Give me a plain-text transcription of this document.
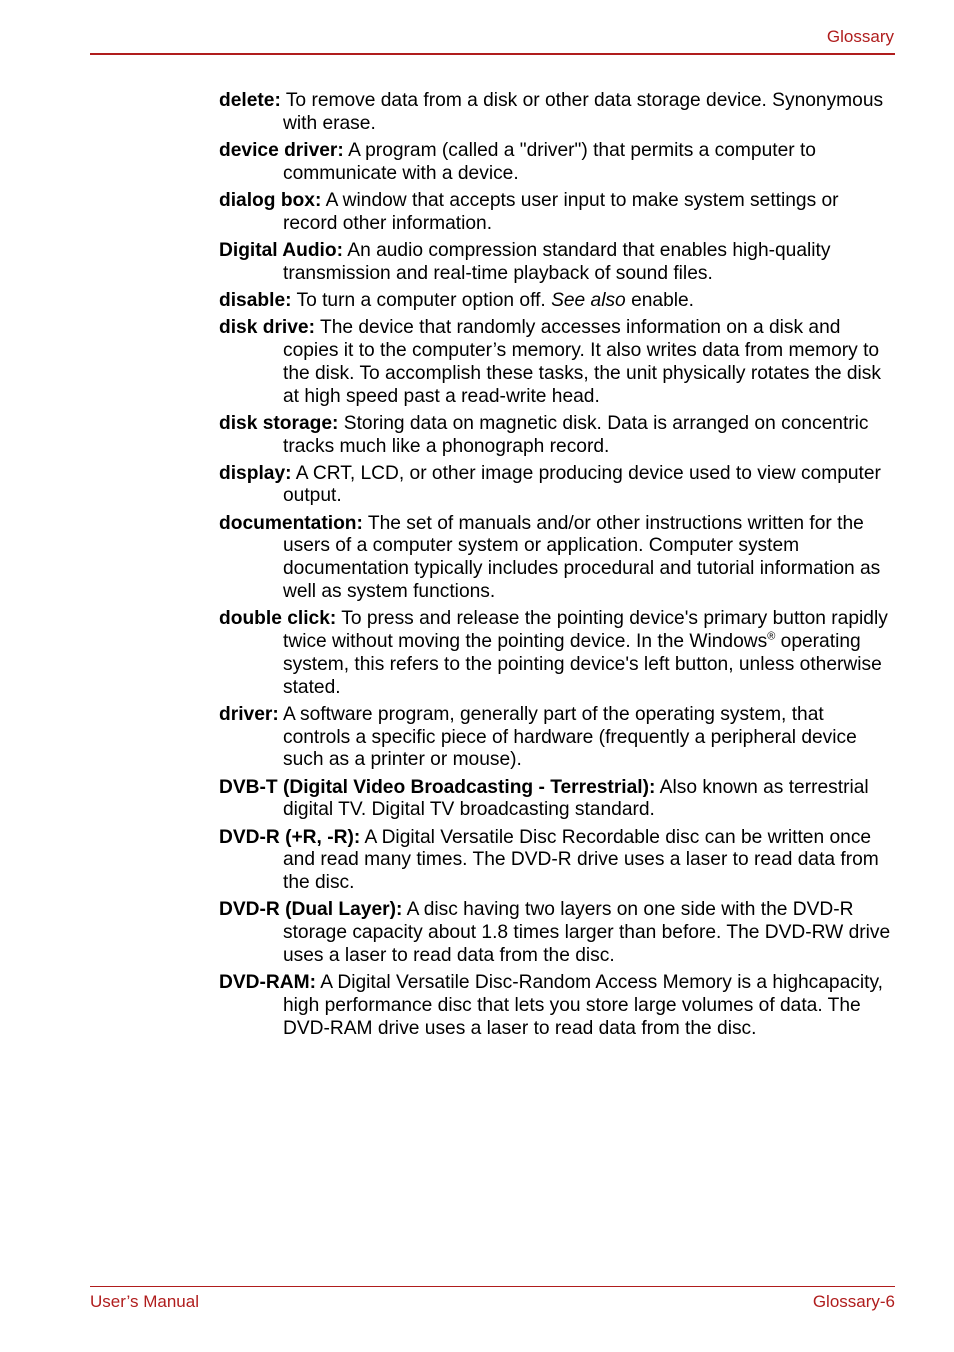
Glossary

delete: To remove data from a disk or other data storage device. Synonymous with erase.

device driver: A program (called a "driver") that permits a computer to communicate with a device.

dialog box: A window that accepts user input to make system settings or record other information.

Digital Audio: An audio compression standard that enables high-quality transmission and real-time playback of sound files.

disable: To turn a computer option off. See also enable.

disk drive: The device that randomly accesses information on a disk and copies it to the computer’s memory. It also writes data from memory to the disk. To accomplish these tasks, the unit physically rotates the disk at high speed past a read-write head.

disk storage: Storing data on magnetic disk. Data is arranged on concentric tracks much like a phonograph record.

display: A CRT, LCD, or other image producing device used to view computer output.

documentation: The set of manuals and/or other instructions written for the users of a computer system or application. Computer system documentation typically includes procedural and tutorial information as well as system functions.

double click: To press and release the pointing device's primary button rapidly twice without moving the pointing device. In the Windows® operating system, this refers to the pointing device's left button, unless otherwise stated.

driver: A software program, generally part of the operating system, that controls a specific piece of hardware (frequently a peripheral device such as a printer or mouse).

DVB-T (Digital Video Broadcasting - Terrestrial): Also known as terrestrial digital TV. Digital TV broadcasting standard.

DVD-R (+R, -R): A Digital Versatile Disc Recordable disc can be written once and read many times. The DVD-R drive uses a laser to read data from the disc.

DVD-R (Dual Layer): A disc having two layers on one side with the DVD-R storage capacity about 1.8 times larger than before. The DVD-RW drive uses a laser to read data from the disc.

DVD-RAM: A Digital Versatile Disc-Random Access Memory is a highcapacity, high performance disc that lets you store large volumes of data. The DVD-RAM drive uses a laser to read data from the disc.

User’s Manual	Glossary-6
